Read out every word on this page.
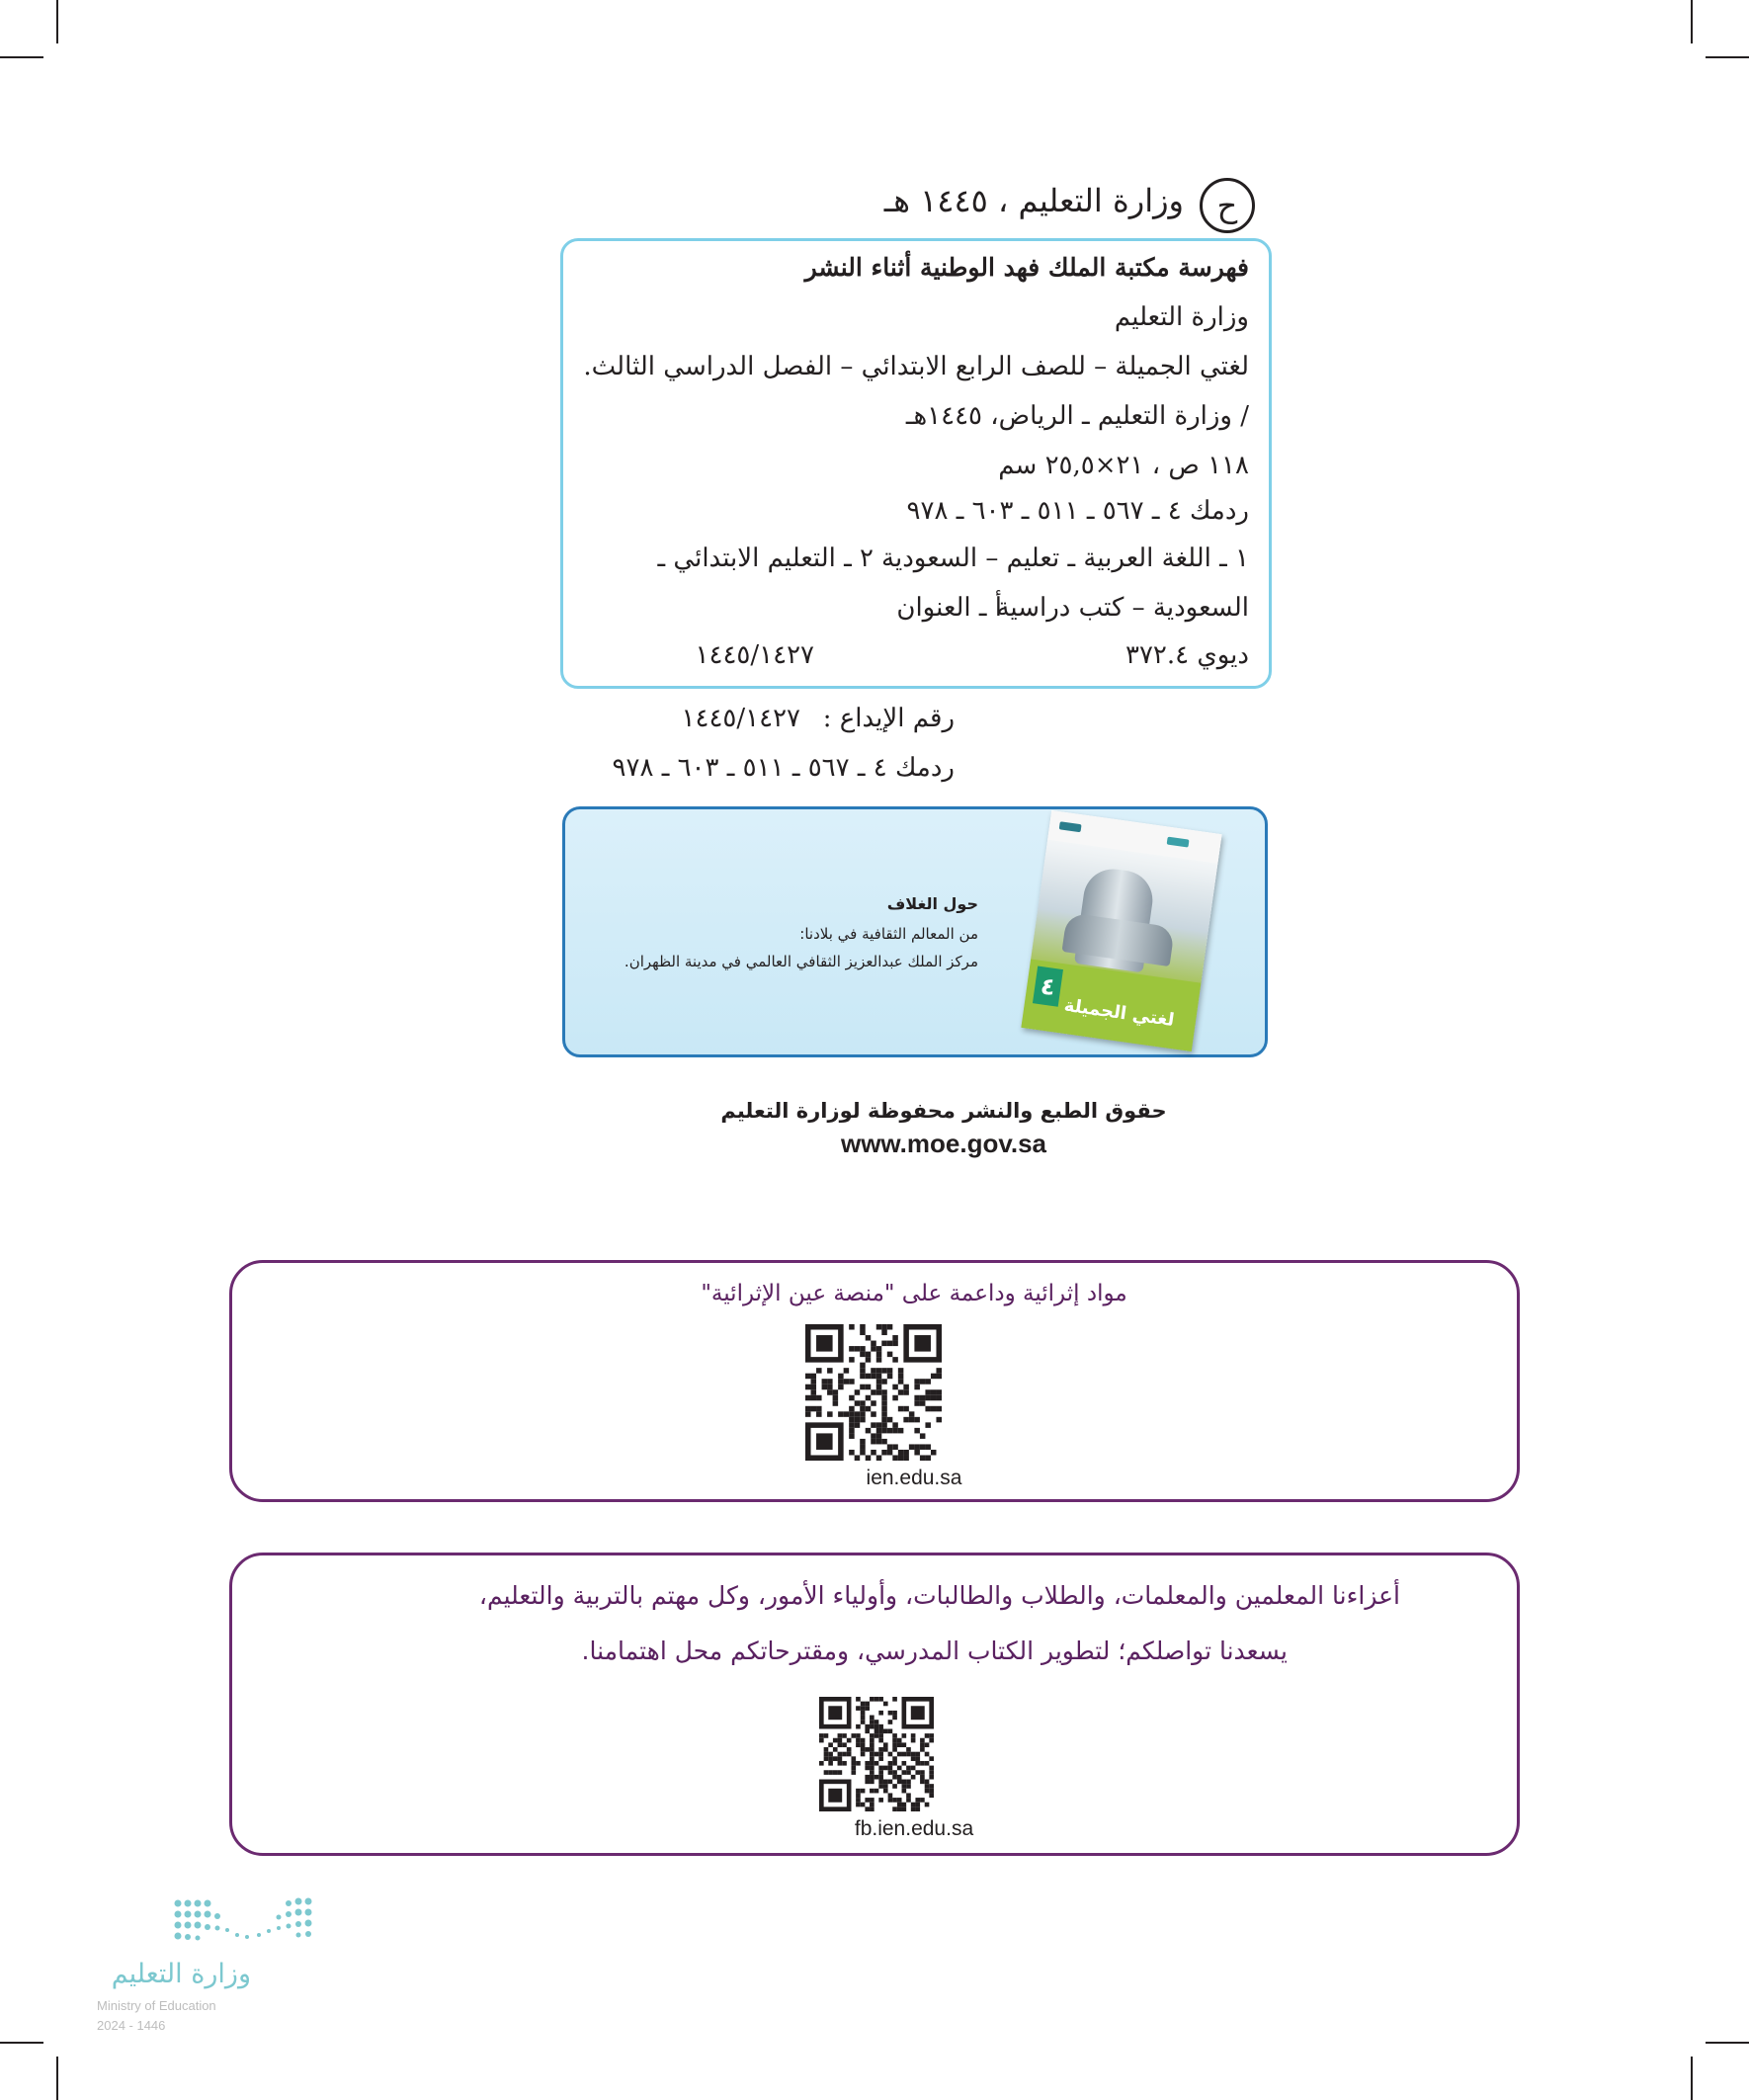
ح
وزارة التعليم ، ١٤٤٥ هـ
فهرسة مكتبة الملك فهد الوطنية أثناء النشر
وزارة التعليم
لغتي الجميلة – للصف الرابع الابتدائي – الفصل الدراسي الثالث.
/ وزارة التعليم ـ الرياض، ١٤٤٥هـ
١١٨ ص ، ٢١×٢٥,٥ سم
ردمك ٤ ـ ٥٦٧ ـ ٥١١ ـ ٦٠٣ ـ ٩٧٨
١ ـ اللغة العربية ـ تعليم – السعودية
٢ ـ التعليم الابتدائي ـ
السعودية – كتب دراسية
أ ـ العنوان
ديوي ٣٧٢.٤
١٤٤٥/١٤٢٧
رقم الإيداع :
١٤٤٥/١٤٢٧
ردمك ٤ ـ ٥٦٧ ـ ٥١١ ـ ٦٠٣ ـ ٩٧٨
حول الغلاف
من المعالم الثقافية في بلادنا:
مركز الملك عبدالعزيز الثقافي العالمي في مدينة الظهران.
٤
لغتي الجميلة
حقوق الطبع والنشر محفوظة لوزارة التعليم
www.moe.gov.sa
مواد إثرائية وداعمة على "منصة عين الإثرائية"
ien.edu.sa
أعزاءنا المعلمين والمعلمات، والطلاب والطالبات، وأولياء الأمور، وكل مهتم بالتربية والتعليم،
يسعدنا تواصلكم؛ لتطوير الكتاب المدرسي، ومقترحاتكم محل اهتمامنا.
fb.ien.edu.sa
وزارة التعليم
Ministry of Education
2024 - 1446
